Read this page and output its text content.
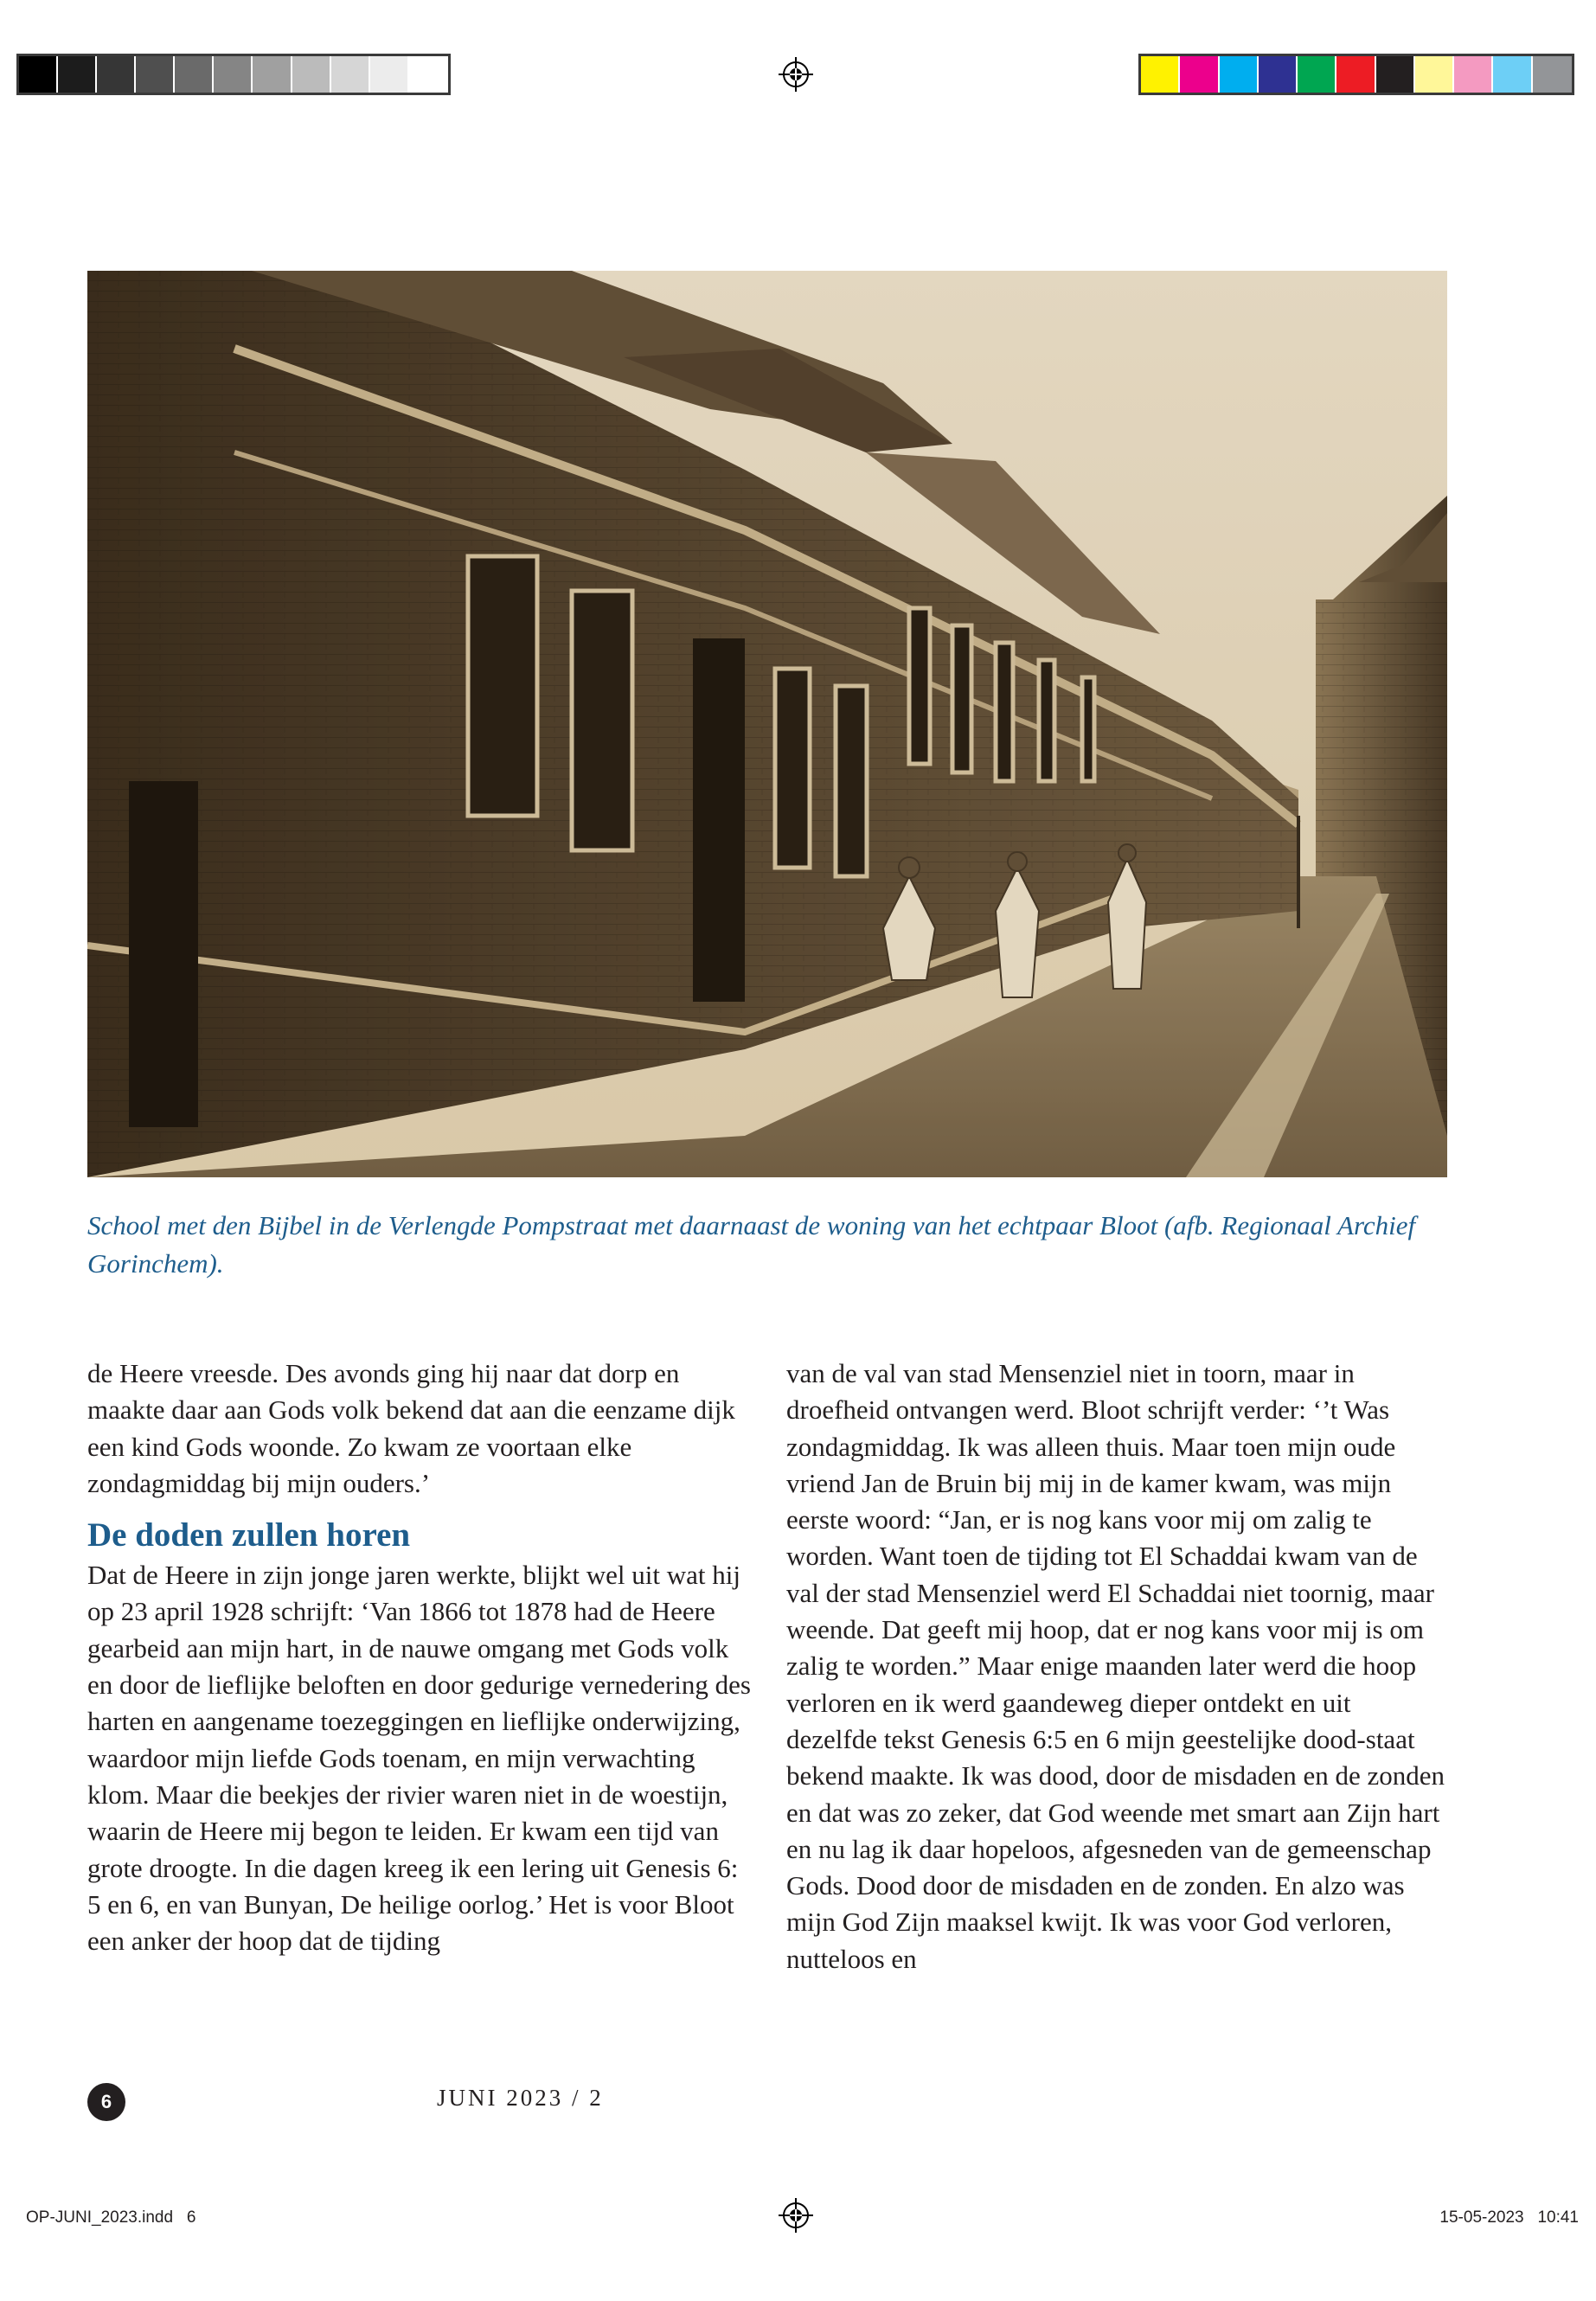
School met den Bijbel in de Verlengde Pompstraat met daarnaast de woning van het echtpaar Bloot (afb. Regionaal Archief Gorinchem).

de Heere vreesde. Des avonds ging hij naar dat dorp en maakte daar aan Gods volk bekend dat aan die eenzame dijk een kind Gods woonde. Zo kwam ze voortaan elke zondagmiddag bij mijn ouders.’

De doden zullen horen

Dat de Heere in zijn jonge jaren werkte, blijkt wel uit wat hij op 23 april 1928 schrijft: ‘Van 1866 tot 1878 had de Heere gearbeid aan mijn hart, in de nauwe omgang met Gods volk en door de lieflijke beloften en door gedurige vernedering des harten en aangename toezeggingen en lieflijke onderwijzing, waardoor mijn liefde Gods toenam, en mijn verwachting klom. Maar die beekjes der rivier waren niet in de woestijn, waarin de Heere mij begon te leiden. Er kwam een tijd van grote droogte. In die dagen kreeg ik een lering uit Genesis 6: 5 en 6, en van Bunyan, De heilige oorlog.’ Het is voor Bloot een anker der hoop dat de tijding

van de val van stad Mensenziel niet in toorn, maar in droefheid ontvangen werd. Bloot schrijft verder: ‘’t Was zondagmiddag. Ik was alleen thuis. Maar toen mijn oude vriend Jan de Bruin bij mij in de kamer kwam, was mijn eerste woord: “Jan, er is nog kans voor mij om zalig te worden. Want toen de tijding tot El Schaddai kwam van de val der stad Mensenziel werd El Schaddai niet toornig, maar weende. Dat geeft mij hoop, dat er nog kans voor mij is om zalig te worden.” Maar enige maanden later werd die hoop verloren en ik werd gaandeweg dieper ontdekt en uit dezelfde tekst Genesis 6:5 en 6 mijn geestelijke dood-staat bekend maakte. Ik was dood, door de misdaden en de zonden en dat was zo zeker, dat God weende met smart aan Zijn hart en nu lag ik daar hopeloos, afgesneden van de gemeenschap Gods. Dood door de misdaden en de zonden. En alzo was mijn God Zijn maaksel kwijt. Ik was voor God verloren, nutteloos en

6	JUNI 2023 / 2
OP-JUNI_2023.indd   6	15-05-2023   10:41
